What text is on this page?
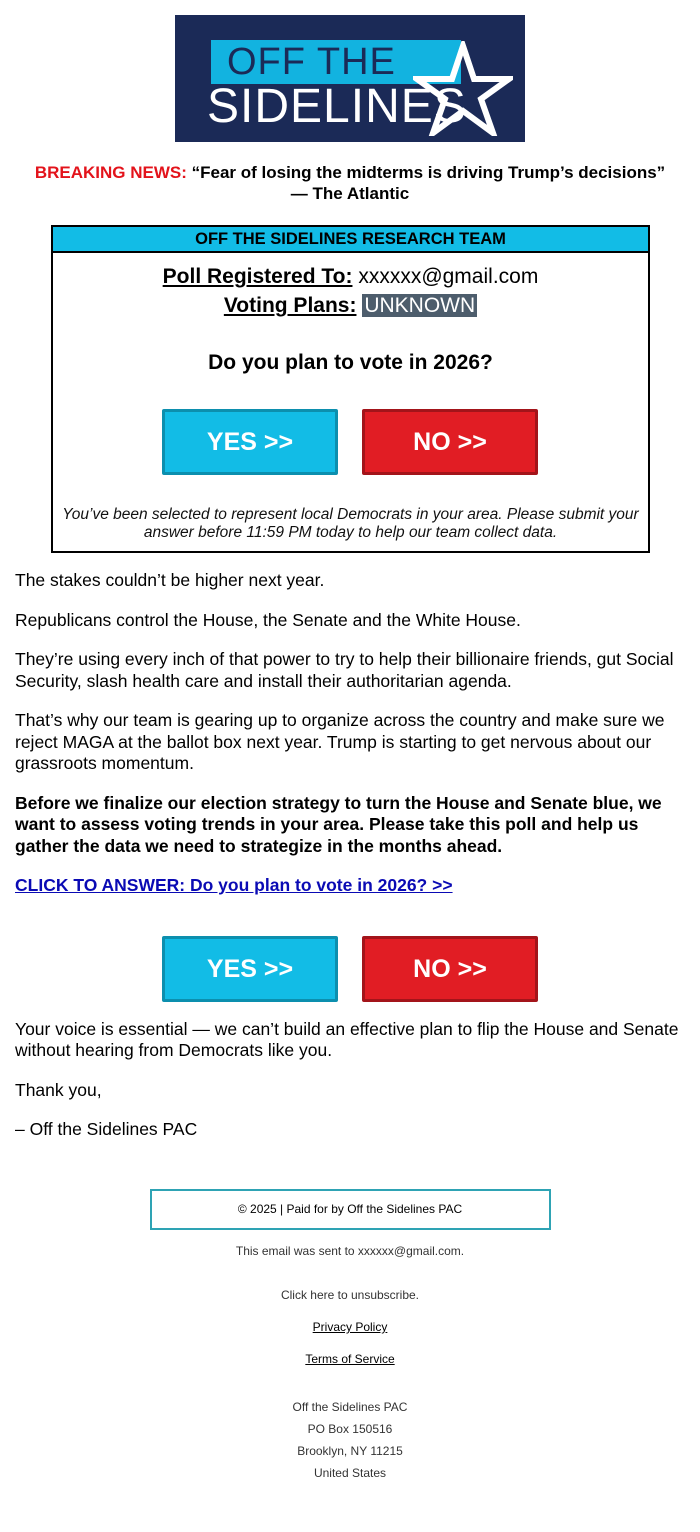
OFF THE
SIDELINES
BREAKING NEWS: “Fear of losing the midterms is driving Trump’s decisions”
— The Atlantic
OFF THE SIDELINES RESEARCH TEAM
Poll Registered To: xxxxxx@gmail.com
Voting Plans: UNKNOWN
Do you plan to vote in 2026?
YES >>	NO >>
You’ve been selected to represent local Democrats in your area. Please submit your answer before 11:59 PM today to help our team collect data.

The stakes couldn’t be higher next year.

Republicans control the House, the Senate and the White House.

They’re using every inch of that power to try to help their billionaire friends, gut Social Security, slash health care and install their authoritarian agenda.

That’s why our team is gearing up to organize across the country and make sure we reject MAGA at the ballot box next year. Trump is starting to get nervous about our grassroots momentum.

Before we finalize our election strategy to turn the House and Senate blue, we want to assess voting trends in your area. Please take this poll and help us gather the data we need to strategize in the months ahead.

CLICK TO ANSWER: Do you plan to vote in 2026? >>

YES >>	NO >>

Your voice is essential — we can’t build an effective plan to flip the House and Senate without hearing from Democrats like you.

Thank you,

– Off the Sidelines PAC

© 2025 | Paid for by Off the Sidelines PAC
This email was sent to xxxxxx@gmail.com.
Click here to unsubscribe.
Privacy Policy
Terms of Service
Off the Sidelines PAC
PO Box 150516
Brooklyn, NY 11215
United States
